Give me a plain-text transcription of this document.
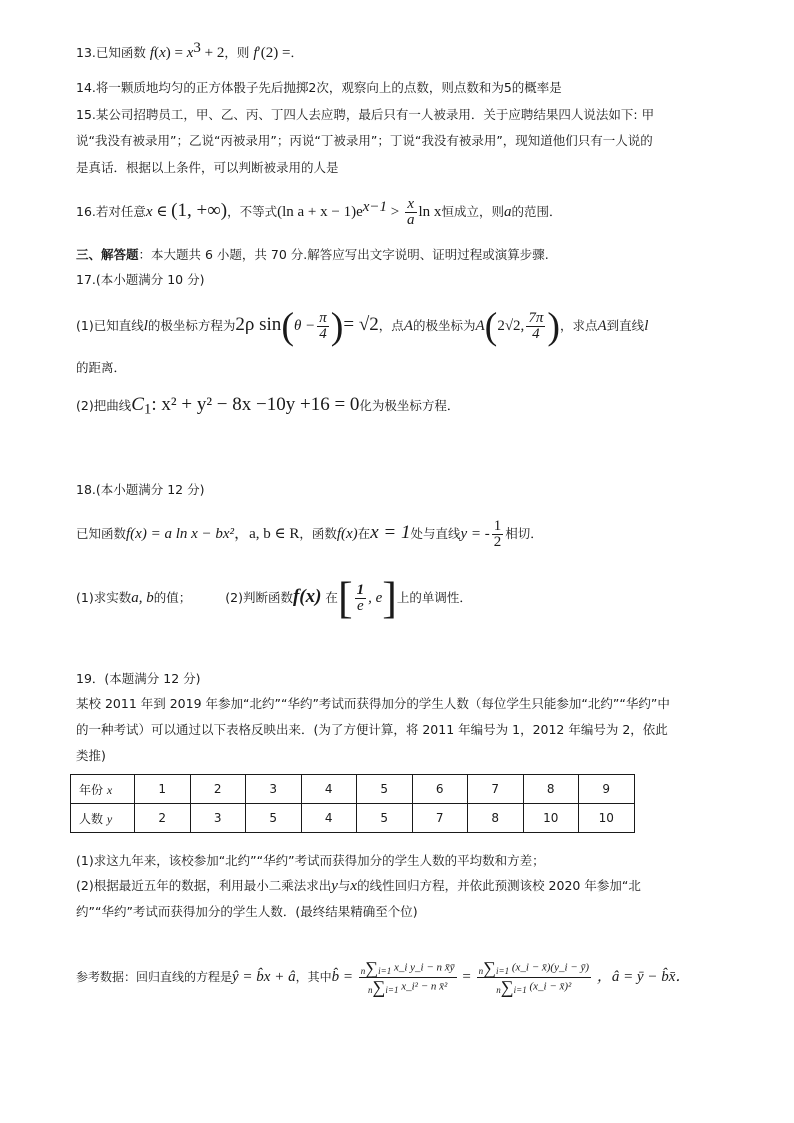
13.已知函数 $f(x) = x^3 + 2$，则 f′(2) =．
14.将一颗质地均匀的正方体骰子先后抛掷2次，观察向上的点数，则点数和为5的概率是
15.某公司招聘员工，甲、乙、丙、丁四人去应聘，最后只有一人被录用．关于应聘结果四人说法如下: 甲
说“我没有被录用”；乙说“丙被录用”；丙说“丁被录用”；丁说“我没有被录用”，现知道他们只有一人说的
是真话．根据以上条件，可以判断被录用的人是
16.若对任意x ∈ (1, +∞)，不等式(ln $a + x - 1)e^{x-1} > \frac{x}{a}$ ln x恒成立，则a的范围．
三、解答题：本大题共 6 小题，共 70 分.解答应写出文字说明、证明过程或演算步骤.
17.(本小题满分 10 分)
(1)已知直线l的极坐标方程为2ρ $\sin(\theta - \frac{\pi}{4}$ )= √2，点A的极坐标为A(2√2, $\frac{7\pi}{4}$ )，求点A到直线l
的距离．
(2)把曲线$C_1$: x² + y² − 8x −10y +16 = 0化为极坐标方程．
18.(本小题满分 12 分)
已知函数f(x) = a ln x − bx²，a, b ∈ R，函数f(x)在x = 1处与直线y = - $\frac{1}{2}$ 相切．
(1)求实数a, b的值；	(2)判断函数f(x) 在[ $\frac{1}{e}$ , e]上的单调性．
19．(本题满分 12 分)
某校 2011 年到 2019 年参加“北约”“华约”考试而获得加分的学生人数（每位学生只能参加“北约”“华约”中
的一种考试）可以通过以下表格反映出来．(为了方便计算，将 2011 年编号为 1，2012 年编号为 2，依此
类推)
年份 x	1	2	3	4	5	6	7	8	9
人数 y	2	3	5	4	5	7	8	10	10
(1)求这九年来，该校参加“北约”“华约”考试而获得加分的学生人数的平均数和方差；
(2)根据最近五年的数据，利用最小二乘法求出y与x的线性回归方程，并依此预测该校 2020 年参加“北
约”“华约”考试而获得加分的学生人数．(最终结果精确至个位)
参考数据：回归直线的方程是ŷ = b̂x + â，其中b̂ = $\frac{\text{n∑i=1 x\_i y\_i − n x̄ȳ}}{\text{n∑i=1 x\_i² − n x̄²}} = \frac{n\sum i=1 (x\_i - x̄)(y\_i - ȳ)}{\text{n∑i=1 (x\_i − x̄)²}}$ ，â = ȳ − b̂x̄．
